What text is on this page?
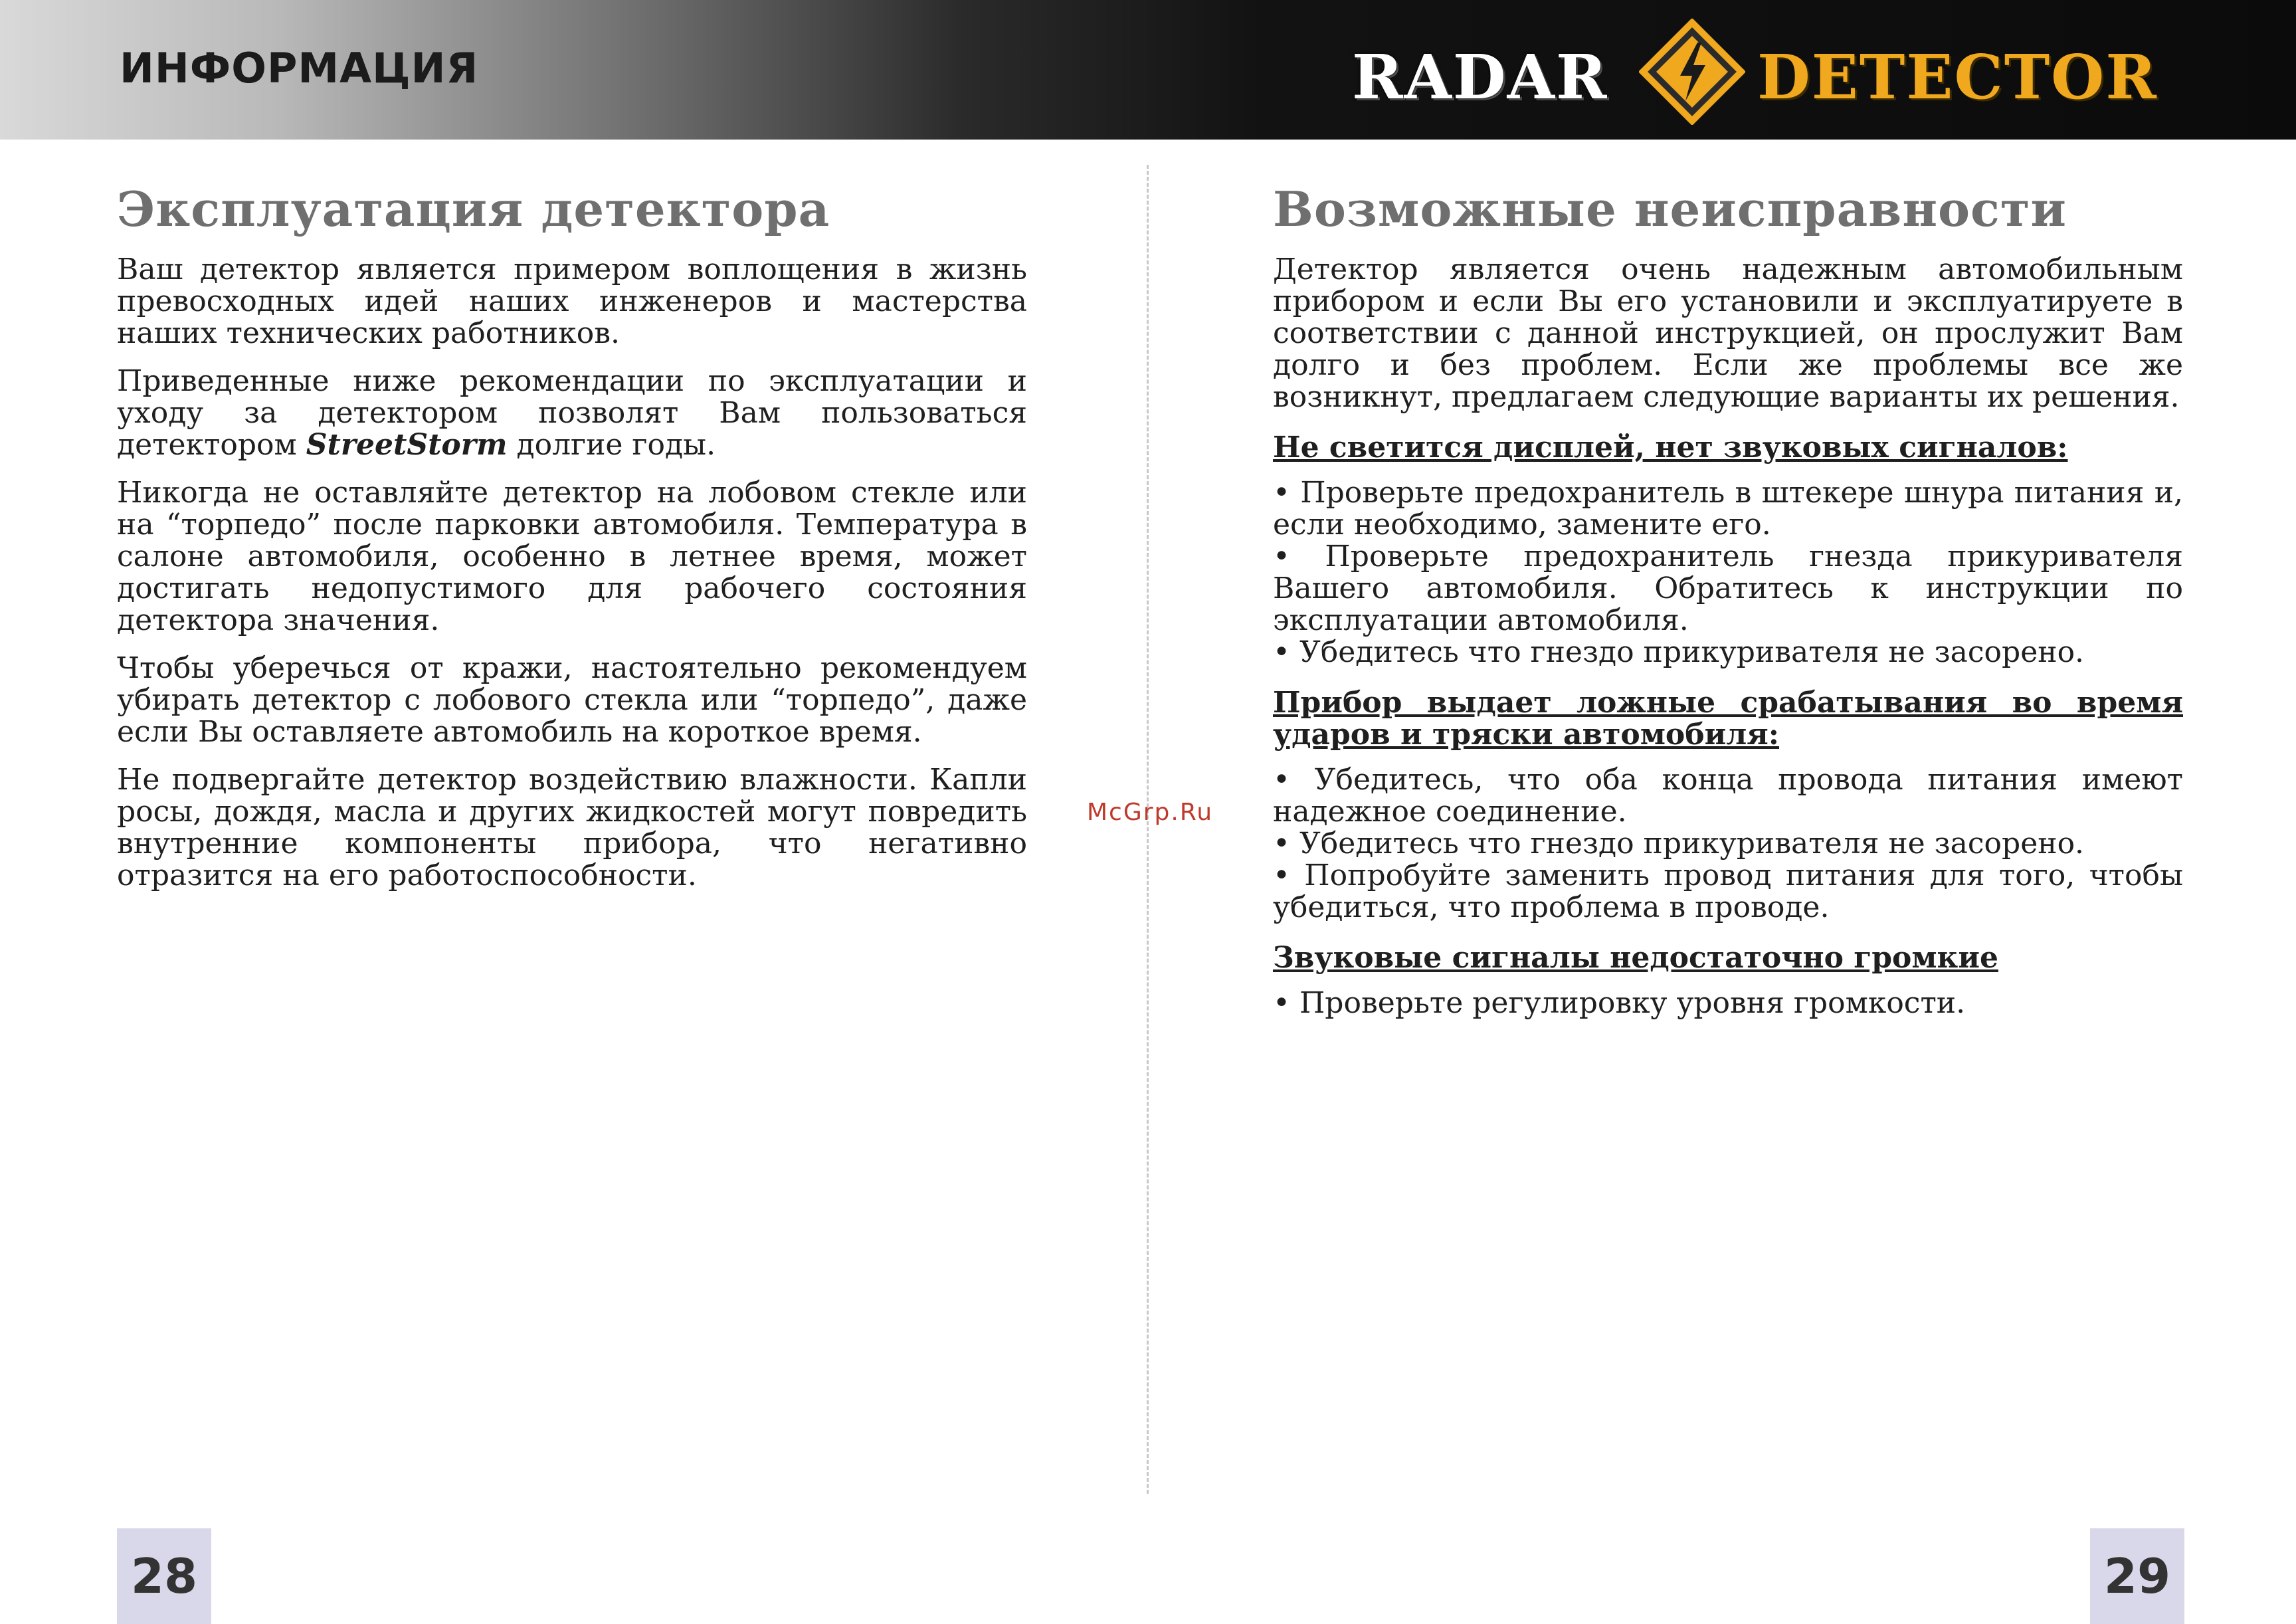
ИНФОРМАЦИЯ	RADAR DETECTOR
Эксплуатация детектора

Ваш детектор является примером воплощения в жизнь превосходных идей наших инженеров и мастерства наших технических работников.

Приведенные ниже рекомендации по эксплуатации и уходу за детектором позволят Вам пользоваться детектором StreetStorm долгие годы.

Никогда не оставляйте детектор на лобовом стекле или на “торпедо” после парковки автомобиля. Температура в салоне автомобиля, особенно в летнее время, может достигать недопустимого для рабочего состояния детектора значения.

Чтобы уберечься от кражи, настоятельно рекомендуем убирать детектор с лобового стекла или “торпедо”, даже если Вы оставляете автомобиль на короткое время.

Не подвергайте детектор воздействию влажности. Капли росы, дождя, масла и других жидкостей могут повредить внутренние компоненты прибора, что негативно отразится на его работоспособности.

Возможные неисправности

Детектор является очень надежным автомобильным прибором и если Вы его установили и эксплуатируете в соответствии с данной инструкцией, он прослужит Вам долго и без проблем. Если же проблемы все же возникнут, предлагаем следующие варианты их решения.

Не светится дисплей, нет звуковых сигналов:
• Проверьте предохранитель в штекере шнура питания и, если необходимо, замените его.
• Проверьте предохранитель гнезда прикуривателя Вашего автомобиля. Обратитесь к инструкции по эксплуатации автомобиля.
• Убедитесь что гнездо прикуривателя не засорено.
Прибор выдает ложные срабатывания во время ударов и тряски автомобиля:
• Убедитесь, что оба конца провода питания имеют надежное соединение.
• Убедитесь что гнездо прикуривателя не засорено.
• Попробуйте заменить провод питания для того, чтобы убедиться, что проблема в проводе.
Звуковые сигналы недостаточно громкие
• Проверьте регулировку уровня громкости.
McGrp.Ru
28	29
